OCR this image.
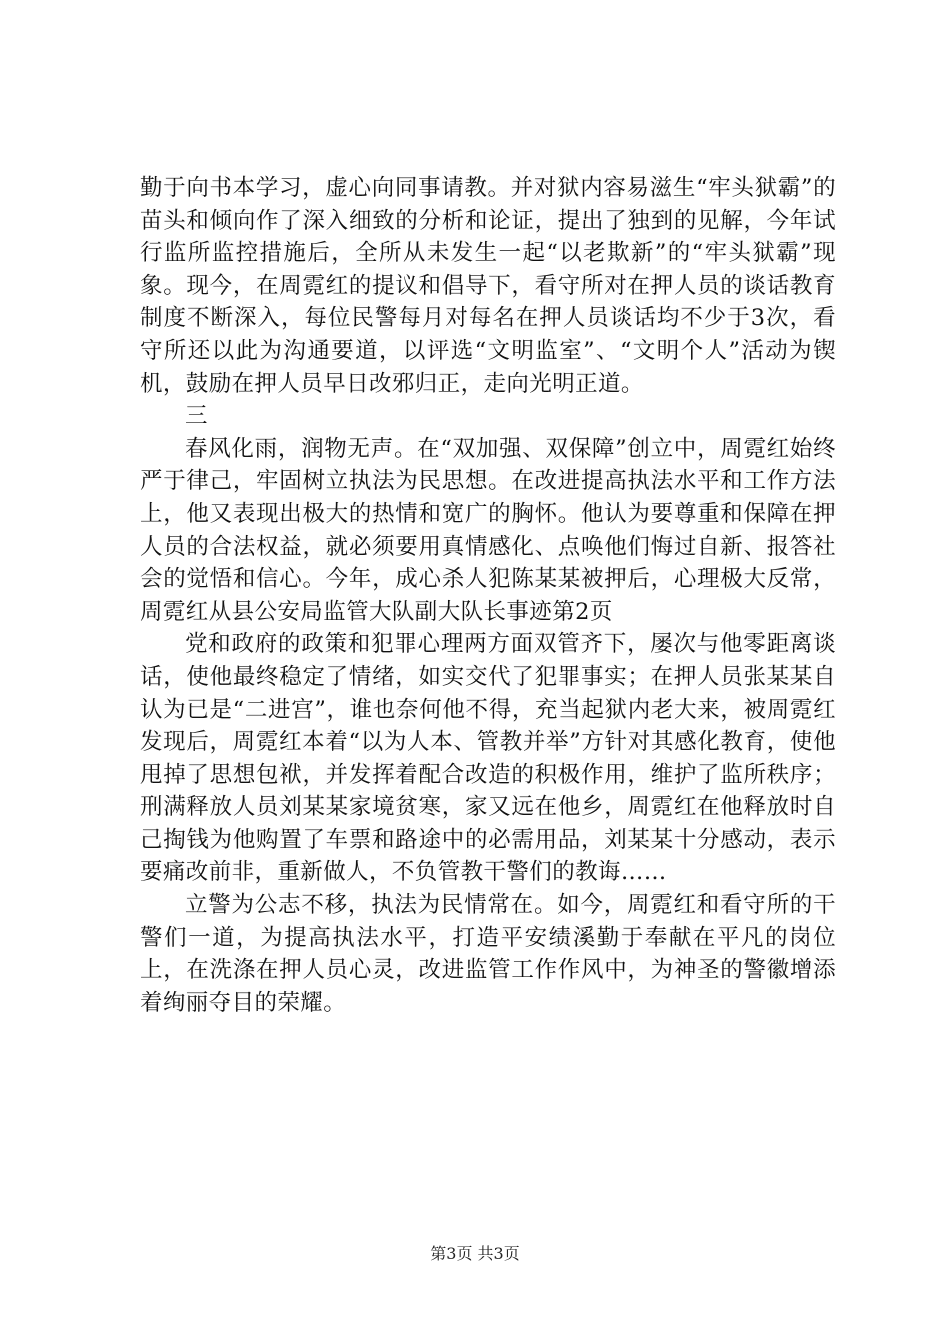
勤于向书本学习，虚心向同事请教。并对狱内容易滋生“牢头狱霸”的苗头和倾向作了深入细致的分析和论证，提出了独到的见解，今年试行监所监控措施后，全所从未发生一起“以老欺新”的“牢头狱霸”现象。现今，在周霓红的提议和倡导下，看守所对在押人员的谈话教育制度不断深入，每位民警每月对每名在押人员谈话均不少于3次，看守所还以此为沟通要道，以评选“文明监室”、“文明个人”活动为锲机，鼓励在押人员早日改邪归正，走向光明正道。

三

春风化雨，润物无声。在“双加强、双保障”创立中，周霓红始终严于律己，牢固树立执法为民思想。在改进提高执法水平和工作方法上，他又表现出极大的热情和宽广的胸怀。他认为要尊重和保障在押人员的合法权益，就必须要用真情感化、点唤他们悔过自新、报答社会的觉悟和信心。今年，成心杀人犯陈某某被押后，心理极大反常，周霓红从县公安局监管大队副大队长事迹第2页

党和政府的政策和犯罪心理两方面双管齐下，屡次与他零距离谈话，使他最终稳定了情绪，如实交代了犯罪事实；在押人员张某某自认为已是“二进宫”，谁也奈何他不得，充当起狱内老大来，被周霓红发现后，周霓红本着“以为人本、管教并举”方针对其感化教育，使他甩掉了思想包袱，并发挥着配合改造的积极作用，维护了监所秩序；刑满释放人员刘某某家境贫寒，家又远在他乡，周霓红在他释放时自己掏钱为他购置了车票和路途中的必需用品，刘某某十分感动，表示要痛改前非，重新做人，不负管教干警们的教诲……

立警为公志不移，执法为民情常在。如今，周霓红和看守所的干警们一道，为提高执法水平，打造平安绩溪勤于奉献在平凡的岗位上，在洗涤在押人员心灵，改进监管工作作风中，为神圣的警徽增添着绚丽夺目的荣耀。

第3页 共3页
